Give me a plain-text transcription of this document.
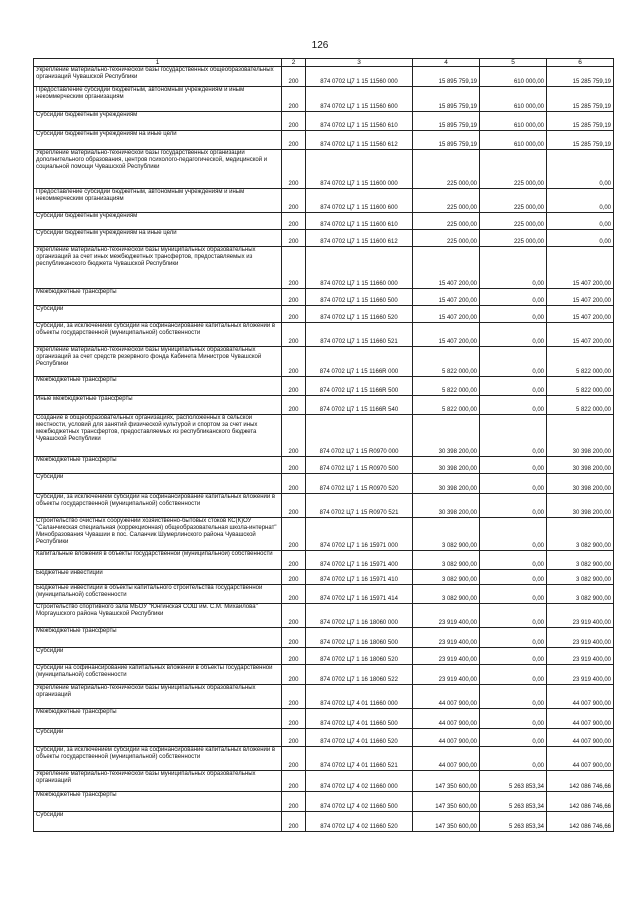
126
1	2	3	4	5	6

Укрепление материально-технической базы государственных общеобразовательных организаций Чувашской Республики	200	874 0702 Ц7 1 15 11560 000	15 895 759,19	610 000,00	15 285 759,19

Предоставление субсидий бюджетным, автономным учреждениям и иным некоммерческим организациям	200	874 0702 Ц7 1 15 11560 600	15 895 759,19	610 000,00	15 285 759,19

Субсидии бюджетным учреждениям	200	874 0702 Ц7 1 15 11560 610	15 895 759,19	610 000,00	15 285 759,19

Субсидии бюджетным учреждениям на иные цели	200	874 0702 Ц7 1 15 11560 612	15 895 759,19	610 000,00	15 285 759,19

Укрепление материально-технической базы государственных организаций дополнительного образования, центров психолого-педагогической, медицинской и социальной помощи Чувашской Республики	200	874 0702 Ц7 1 15 11600 000	225 000,00	225 000,00	0,00

Предоставление субсидий бюджетным, автономным учреждениям и иным некоммерческим организациям	200	874 0702 Ц7 1 15 11600 600	225 000,00	225 000,00	0,00

Субсидии бюджетным учреждениям	200	874 0702 Ц7 1 15 11600 610	225 000,00	225 000,00	0,00

Субсидии бюджетным учреждениям на иные цели	200	874 0702 Ц7 1 15 11600 612	225 000,00	225 000,00	0,00

Укрепление материально-технической базы муниципальных образовательных организаций за счет иных межбюджетных трансфертов, предоставляемых из республиканского бюджета Чувашской Республики	200	874 0702 Ц7 1 15 11660 000	15 407 200,00	0,00	15 407 200,00

Межбюджетные трансферты	200	874 0702 Ц7 1 15 11660 500	15 407 200,00	0,00	15 407 200,00

Субсидии	200	874 0702 Ц7 1 15 11660 520	15 407 200,00	0,00	15 407 200,00

Субсидии, за исключением субсидий на софинансирование капитальных вложений в объекты государственной (муниципальной) собственности	200	874 0702 Ц7 1 15 11660 521	15 407 200,00	0,00	15 407 200,00

Укрепление материально-технической базы муниципальных образовательных организаций за счет средств резервного фонда Кабинета Министров Чувашской Республики	200	874 0702 Ц7 1 15 1166R 000	5 822 000,00	0,00	5 822 000,00

Межбюджетные трансферты	200	874 0702 Ц7 1 15 1166R 500	5 822 000,00	0,00	5 822 000,00

Иные межбюджетные трансферты	200	874 0702 Ц7 1 15 1166R 540	5 822 000,00	0,00	5 822 000,00

Создание в общеобразовательных организациях, расположенных в сельской местности, условий для занятий физической культурой и спортом за счет иных межбюджетных трансфертов, предоставляемых из республиканского бюджета Чувашской Республики	200	874 0702 Ц7 1 15 R0970 000	30 398 200,00	0,00	30 398 200,00

Межбюджетные трансферты	200	874 0702 Ц7 1 15 R0970 500	30 398 200,00	0,00	30 398 200,00

Субсидии	200	874 0702 Ц7 1 15 R0970 520	30 398 200,00	0,00	30 398 200,00

Субсидии, за исключением субсидий на софинансирование капитальных вложений в объекты государственной (муниципальной) собственности	200	874 0702 Ц7 1 15 R0970 521	30 398 200,00	0,00	30 398 200,00

Строительство очистных сооружений хозяйственно-бытовых стоков КС(К)ОУ "Саланчикская специальная (коррекционная) общеобразовательная школа-интернат" Минобразования Чувашии в пос. Саланчик Шумерлинского района Чувашской Республики	200	874 0702 Ц7 1 16 15971 000	3 082 900,00	0,00	3 082 900,00

Капитальные вложения в объекты государственной (муниципальной) собственности	200	874 0702 Ц7 1 16 15971 400	3 082 900,00	0,00	3 082 900,00

Бюджетные инвестиции	200	874 0702 Ц7 1 16 15971 410	3 082 900,00	0,00	3 082 900,00

Бюджетные инвестиции в объекты капитального строительства государственной (муниципальной) собственности	200	874 0702 Ц7 1 16 15971 414	3 082 900,00	0,00	3 082 900,00

Строительство спортивного зала МБОУ "Юнгинская СОШ им. С.М. Михайлова" Моргаушского района Чувашской Республики	200	874 0702 Ц7 1 16 18060 000	23 919 400,00	0,00	23 919 400,00

Межбюджетные трансферты	200	874 0702 Ц7 1 16 18060 500	23 919 400,00	0,00	23 919 400,00

Субсидии	200	874 0702 Ц7 1 16 18060 520	23 919 400,00	0,00	23 919 400,00

Субсидии на софинансирование капитальных вложений в объекты государственной (муниципальной) собственности	200	874 0702 Ц7 1 16 18060 522	23 919 400,00	0,00	23 919 400,00

Укрепление материально-технической базы муниципальных образовательных организаций	200	874 0702 Ц7 4 01 11660 000	44 007 900,00	0,00	44 007 900,00

Межбюджетные трансферты	200	874 0702 Ц7 4 01 11660 500	44 007 900,00	0,00	44 007 900,00

Субсидии	200	874 0702 Ц7 4 01 11660 520	44 007 900,00	0,00	44 007 900,00

Субсидии, за исключением субсидий на софинансирование капитальных вложений в объекты государственной (муниципальной) собственности	200	874 0702 Ц7 4 01 11660 521	44 007 900,00	0,00	44 007 900,00

Укрепление материально-технической базы муниципальных образовательных организаций	200	874 0702 Ц7 4 02 11660 000	147 350 600,00	5 263 853,34	142 086 746,66

Межбюджетные трансферты	200	874 0702 Ц7 4 02 11660 500	147 350 600,00	5 263 853,34	142 086 746,66

Субсидии	200	874 0702 Ц7 4 02 11660 520	147 350 600,00	5 263 853,34	142 086 746,66
